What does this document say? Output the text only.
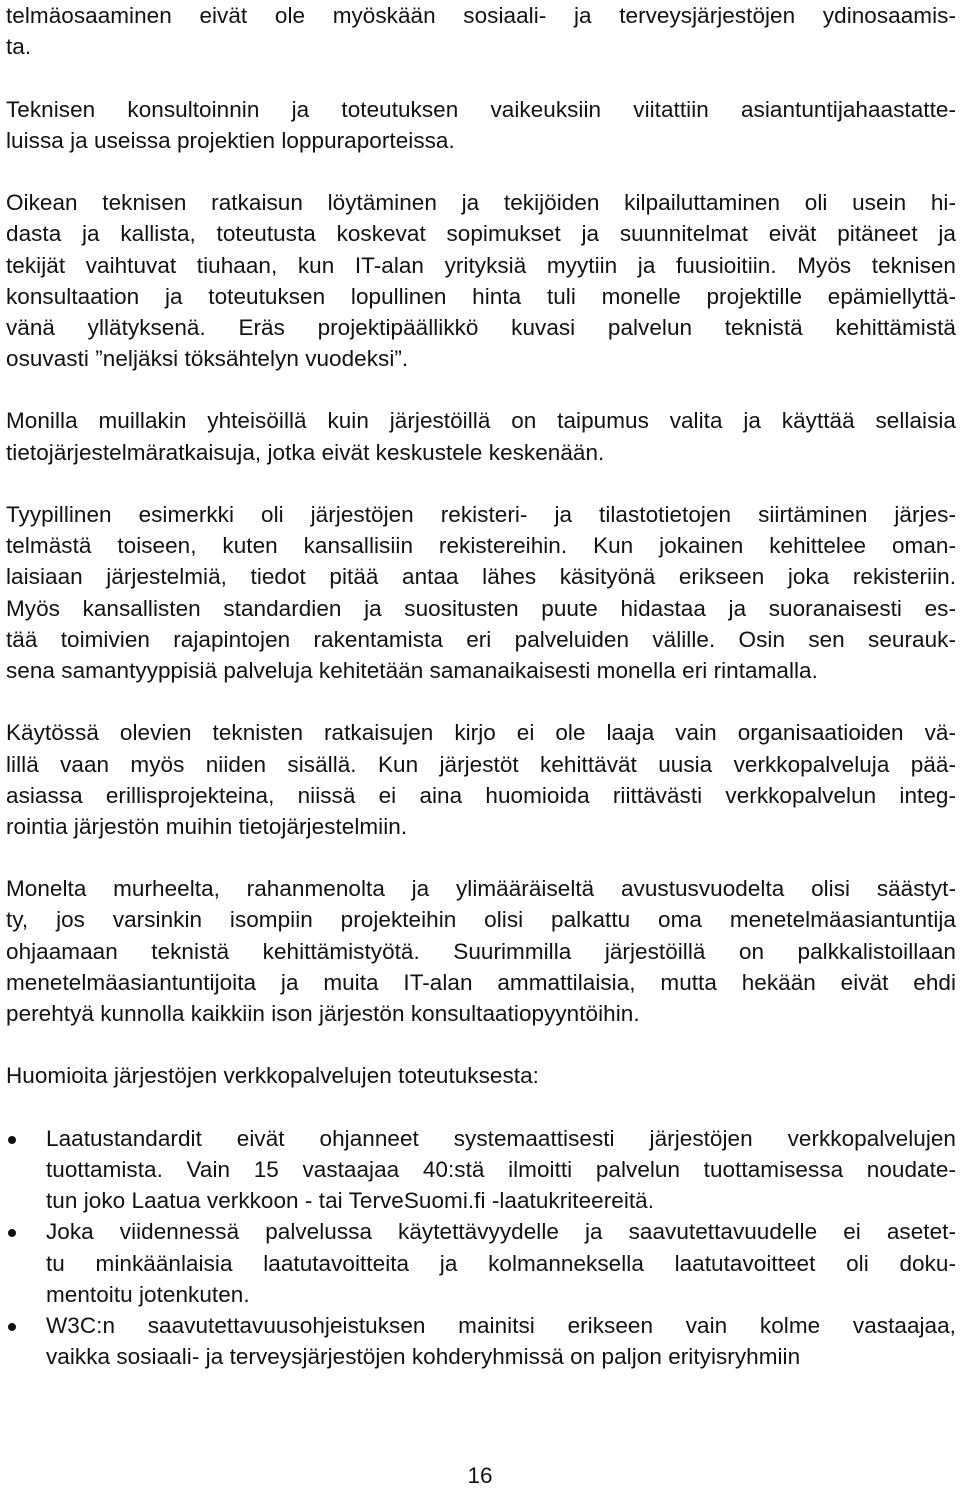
telmäosaaminen eivät ole myöskään sosiaali- ja terveysjärjestöjen ydinosaamis-
ta.
Teknisen konsultoinnin ja toteutuksen vaikeuksiin viitattiin asiantuntijahaastatte-
luissa ja useissa projektien loppuraporteissa.
Oikean teknisen ratkaisun löytäminen ja tekijöiden kilpailuttaminen oli usein hi-
dasta ja kallista, toteutusta koskevat sopimukset ja suunnitelmat eivät pitäneet ja
tekijät vaihtuvat tiuhaan, kun IT-alan yrityksiä myytiin ja fuusioitiin. Myös teknisen
konsultaation ja toteutuksen lopullinen hinta tuli monelle projektille epämiellyttä-
vänä yllätyksenä. Eräs projektipäällikkö kuvasi palvelun teknistä kehittämistä
osuvasti ”neljäksi töksähtelyn vuodeksi”.
Monilla muillakin yhteisöillä kuin järjestöillä on taipumus valita ja käyttää sellaisia
tietojärjestelmäratkaisuja, jotka eivät keskustele keskenään.
Tyypillinen esimerkki oli järjestöjen rekisteri- ja tilastotietojen siirtäminen järjes-
telmästä toiseen, kuten kansallisiin rekistereihin. Kun jokainen kehittelee oman-
laisiaan järjestelmiä, tiedot pitää antaa lähes käsityönä erikseen joka rekisteriin.
Myös kansallisten standardien ja suositusten puute hidastaa ja suoranaisesti es-
tää toimivien rajapintojen rakentamista eri palveluiden välille. Osin sen seurauk-
sena samantyyppisiä palveluja kehitetään samanaikaisesti monella eri rintamalla.
Käytössä olevien teknisten ratkaisujen kirjo ei ole laaja vain organisaatioiden vä-
lillä vaan myös niiden sisällä. Kun järjestöt kehittävät uusia verkkopalveluja pää-
asiassa erillisprojekteina, niissä ei aina huomioida riittävästi verkkopalvelun integ-
rointia järjestön muihin tietojärjestelmiin.
Monelta murheelta, rahanmenolta ja ylimääräiseltä avustusvuodelta olisi säästyt-
ty, jos varsinkin isompiin projekteihin olisi palkattu oma menetelmäasiantuntija
ohjaamaan teknistä kehittämistyötä. Suurimmilla järjestöillä on palkkalistoillaan
menetelmäasiantuntijoita ja muita IT-alan ammattilaisia, mutta hekään eivät ehdi
perehtyä kunnolla kaikkiin ison järjestön konsultaatiopyyntöihin.
Huomioita järjestöjen verkkopalvelujen toteutuksesta:
Laatustandardit eivät ohjanneet systemaattisesti järjestöjen verkkopalvelujen
tuottamista. Vain 15 vastaajaa 40:stä ilmoitti palvelun tuottamisessa noudate-
tun joko Laatua verkkoon - tai TerveSuomi.fi -laatukriteereitä.
Joka viidennessä palvelussa käytettävyydelle ja saavutettavuudelle ei asetet-
tu minkäänlaisia laatutavoitteita ja kolmanneksella laatutavoitteet oli doku-
mentoitu jotenkuten.
W3C:n saavutettavuusohjeistuksen mainitsi erikseen vain kolme vastaajaa,
vaikka sosiaali- ja terveysjärjestöjen kohderyhmissä on paljon erityisryhmiin
16
